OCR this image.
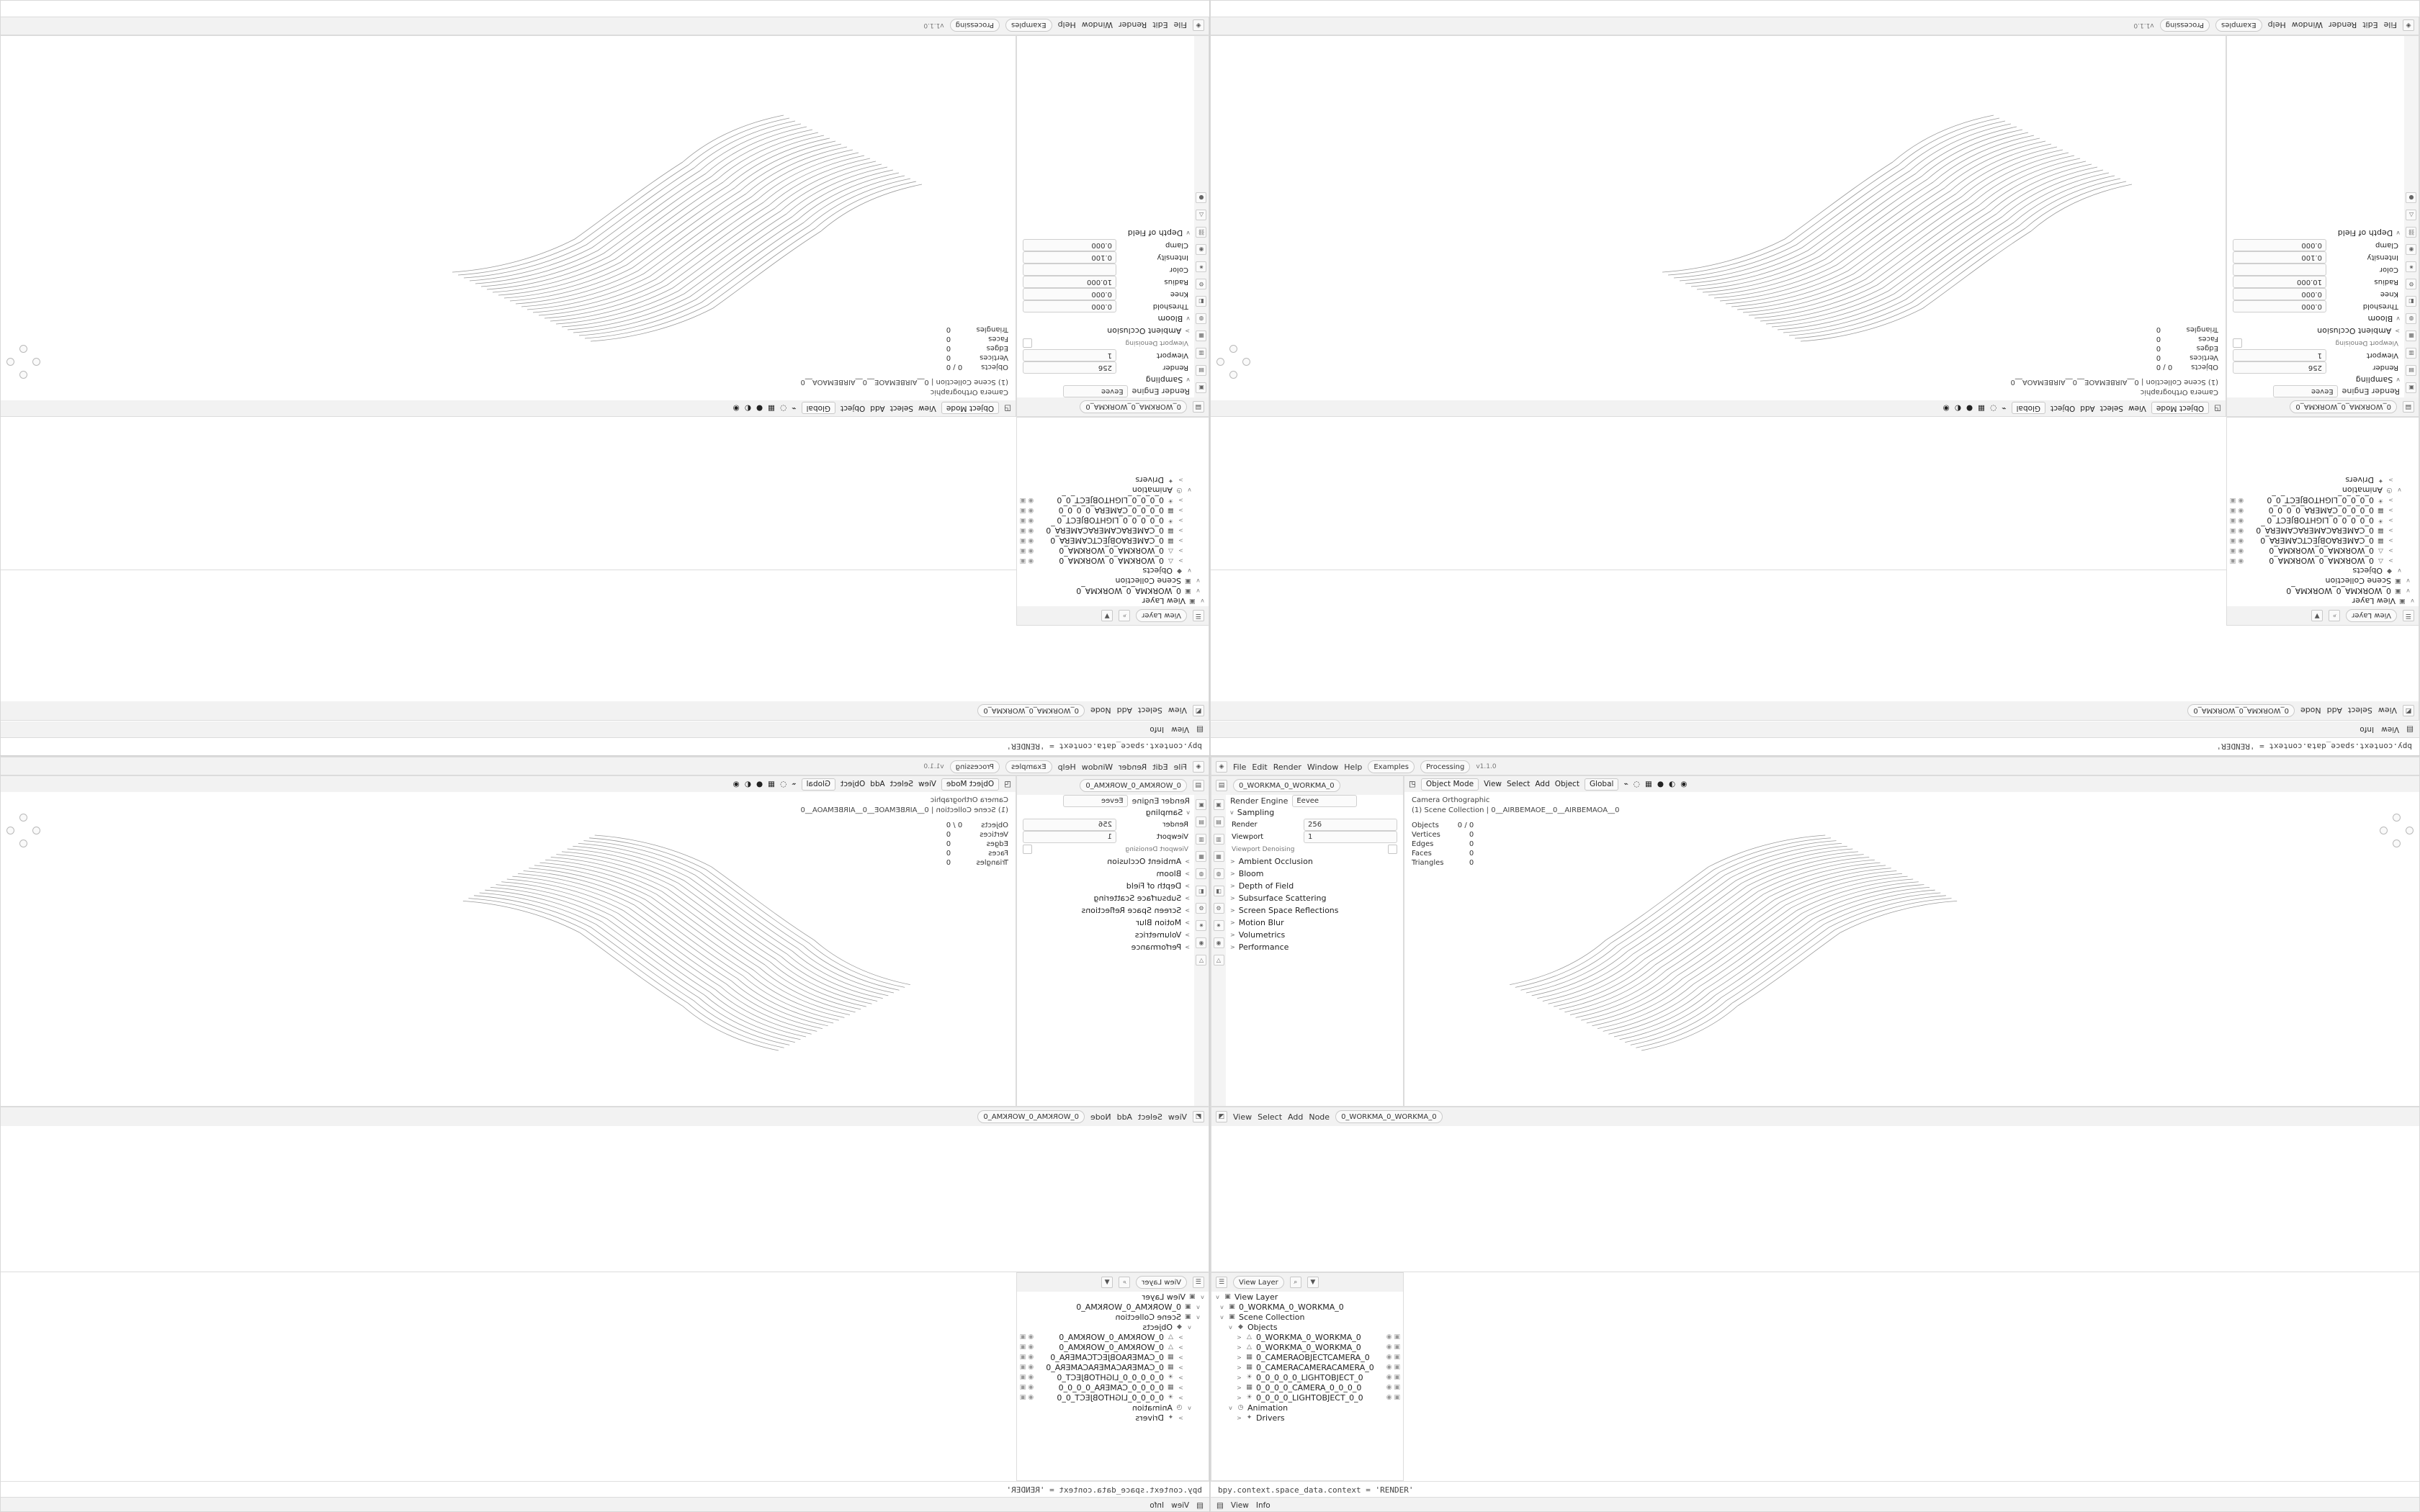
bpy.context.space_data.context = 'RENDER'
▤
View
Info
◩
View
Select
Add
Node
0_WORKMA_0_WORKMA_0
☰
View Layer
⌕
▼
v
▣
View Layer
v
▣
0_WORKMA_0_WORKMA_0
v
▣
Scene Collection
v
◆
Objects
>
△
0_WORKMA_0_WORKMA_0
◉ ▣
>
△
0_WORKMA_0_WORKMA_0
◉ ▣
>
▦
0_CAMERAOBJECTCAMERA_0
◉ ▣
>
▦
0_CAMERACAMERACAMERA_0
◉ ▣
>
☀
0_0_0_0_0_LIGHTOBJECT_0
◉ ▣
>
▦
0_0_0_0_CAMERA_0_0_0_0
◉ ▣
>
☀
0_0_0_0_LIGHTOBJECT_0_0
◉ ▣
v
◷
Animation
>
✦
Drivers
▤
0_WORKMA_0_WORKMA_0
▣
▤
▥
▦
◍
◧
⚙
✷
◉
⛓
△
●
Render Engine
Eevee
v
Sampling
Render
256
Viewport
1
Viewport Denoising
>
Ambient Occlusion
v
Bloom
Threshold
0.000
Knee
0.000
Radius
10.000
Color
Intensity
0.100
Clamp
0.000
v
Depth of Field
◳
Object Mode
View
Select
Add
Object
Global
⌁
◌
▦
●
◐
◉
Camera Orthographic
(1) Scene Collection | 0__AIRBEMAOE__0__AIRBEMAOA__0
Objects
0 / 0
Vertices
0
Edges
0
Faces
0
Triangles
0
◈
File
Edit
Render
Window
Help
Examples
Processing
v1.1.0
bpy.context.space_data.context = 'RENDER'
▤
View
Info
◩
View
Select
Add
Node
0_WORKMA_0_WORKMA_0
☰
View Layer
⌕
▼
v
▣
View Layer
v
▣
0_WORKMA_0_WORKMA_0
v
▣
Scene Collection
v
◆
Objects
>
△
0_WORKMA_0_WORKMA_0
◉ ▣
>
△
0_WORKMA_0_WORKMA_0
◉ ▣
>
▦
0_CAMERAOBJECTCAMERA_0
◉ ▣
>
▦
0_CAMERACAMERACAMERA_0
◉ ▣
>
☀
0_0_0_0_0_LIGHTOBJECT_0
◉ ▣
>
▦
0_0_0_0_CAMERA_0_0_0_0
◉ ▣
>
☀
0_0_0_0_LIGHTOBJECT_0_0
◉ ▣
v
◷
Animation
>
✦
Drivers
▤
0_WORKMA_0_WORKMA_0
▣
▤
▥
▦
◍
◧
⚙
✷
◉
⛓
△
●
Render Engine
Eevee
v
Sampling
Render
256
Viewport
1
Viewport Denoising
>
Ambient Occlusion
v
Bloom
Threshold
0.000
Knee
0.000
Radius
10.000
Color
Intensity
0.100
Clamp
0.000
v
Depth of Field
◳
Object Mode
View
Select
Add
Object
Global
⌁
◌
▦
●
◐
◉
Camera Orthographic
(1) Scene Collection | 0__AIRBEMAOE__0__AIRBEMAOA__0
Objects
0 / 0
Vertices
0
Edges
0
Faces
0
Triangles
0
◈
File
Edit
Render
Window
Help
Examples
Processing
v1.1.0
◈
File
Edit
Render
Window
Help
Examples
Processing
v1.1.0
◳
Object Mode
View
Select
Add
Object
Global
⌁
◌
▦
●
◐
◉
Camera Orthographic
(1) Scene Collection | 0__AIRBEMAOE__0__AIRBEMAOA__0
Objects
0 / 0
Vertices
0
Edges
0
Faces
0
Triangles
0
▤
0_WORKMA_0_WORKMA_0
▣
▤
▥
▦
◍
◧
⚙
✷
◉
△
Render Engine
Eevee
v
Sampling
Render
256
Viewport
1
Viewport Denoising
>
Ambient Occlusion
>
Bloom
>
Depth of Field
>
Subsurface Scattering
>
Screen Space Reflections
>
Motion Blur
>
Volumetrics
>
Performance
◩
View
Select
Add
Node
0_WORKMA_0_WORKMA_0
☰
View Layer
⌕
▼
v
▣
View Layer
v
▣
0_WORKMA_0_WORKMA_0
v
▣
Scene Collection
v
◆
Objects
>
△
0_WORKMA_0_WORKMA_0
◉ ▣
>
△
0_WORKMA_0_WORKMA_0
◉ ▣
>
▦
0_CAMERAOBJECTCAMERA_0
◉ ▣
>
▦
0_CAMERACAMERACAMERA_0
◉ ▣
>
☀
0_0_0_0_0_LIGHTOBJECT_0
◉ ▣
>
▦
0_0_0_0_CAMERA_0_0_0_0
◉ ▣
>
☀
0_0_0_0_LIGHTOBJECT_0_0
◉ ▣
v
◷
Animation
>
✦
Drivers
bpy.context.space_data.context = 'RENDER'
▤
View
Info
◈	File Edit Render Window Help	Examples	Processing	v1.1.0
▤	0_WORKMA_0_WORKMA_0
▣
▤
▥
▦
◍
◧
⚙
✷
◉
△
Render Engine	Eevee
v Sampling
Render	256
Viewport	1
Viewport Denoising
> Ambient Occlusion
> Bloom
> Depth of Field
> Subsurface Scattering
> Screen Space Reflections
> Motion Blur
> Volumetrics
> Performance
◳ Object Mode View Select Add Object Global ⌁ ◌ ▦ ● ◐ ◉
Camera Orthographic
(1) Scene Collection | 0__AIRBEMAOE__0__AIRBEMAOA__0
Objects	0 / 0
Vertices	0
Edges	0
Faces	0
Triangles	0
◩	View Select Add Node	0_WORKMA_0_WORKMA_0
☰	View Layer	⌕	▼
v ▣ View Layer
v ▣ 0_WORKMA_0_WORKMA_0
v ▣ Scene Collection
v ◆ Objects
> △ 0_WORKMA_0_WORKMA_0	◉ ▣
> △ 0_WORKMA_0_WORKMA_0	◉ ▣
> ▦ 0_CAMERAOBJECTCAMERA_0	◉ ▣
> ▦ 0_CAMERACAMERACAMERA_0	◉ ▣
> ☀ 0_0_0_0_0_LIGHTOBJECT_0	◉ ▣
> ▦ 0_0_0_0_CAMERA_0_0_0_0	◉ ▣
> ☀ 0_0_0_0_LIGHTOBJECT_0_0	◉ ▣
v ◷ Animation
> ✦ Drivers
bpy.context.space_data.context = 'RENDER'
▤ View Info
